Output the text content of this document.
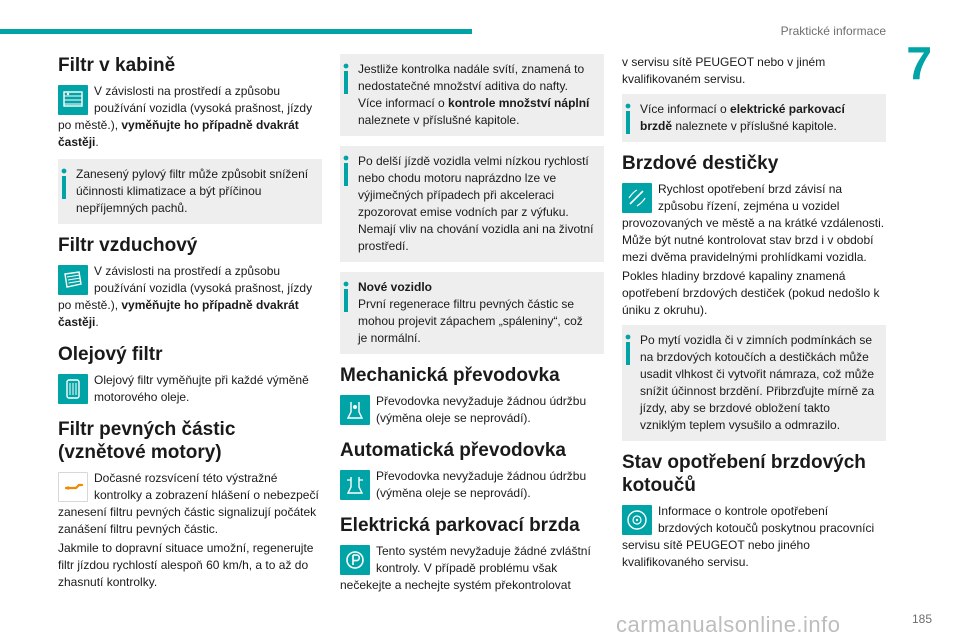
Praktické informace
7
Filtr v kabině

V závislosti na prostředí a způsobu používání vozidla (vysoká prašnost, jízdy po městě.), vyměňujte ho případně dvakrát častěji.

Zanesený pylový filtr může způsobit snížení účinnosti klimatizace a být příčinou nepříjemných pachů.

Filtr vzduchový

V závislosti na prostředí a způsobu používání vozidla (vysoká prašnost, jízdy po městě.), vyměňujte ho případně dvakrát častěji.

Olejový filtr

Olejový filtr vyměňujte při každé výměně motorového oleje.

Filtr pevných částic (vznětové motory)

Dočasné rozsvícení této výstražné kontrolky a zobrazení hlášení o nebezpečí zanesení filtru pevných částic signalizují počátek zanášení filtru pevných částic.

Jakmile to dopravní situace umožní, regenerujte filtr jízdou rychlostí alespoň 60 km/h, a to až do zhasnutí kontrolky.

Jestliže kontrolka nadále svítí, znamená to nedostatečné množství aditiva do nafty.

Více informací o kontrole množství náplní naleznete v příslušné kapitole.

Po delší jízdě vozidla velmi nízkou rychlostí nebo chodu motoru naprázdno lze ve výjimečných případech při akceleraci zpozorovat emise vodních par z výfuku. Nemají vliv na chování vozidla ani na životní prostředí.

Nové vozidlo

První regenerace filtru pevných částic se mohou projevit zápachem „spáleniny“, což je normální.

Mechanická převodovka

Převodovka nevyžaduje žádnou údržbu (výměna oleje se neprovádí).

Automatická převodovka

Převodovka nevyžaduje žádnou údržbu (výměna oleje se neprovádí).

Elektrická parkovací brzda

Tento systém nevyžaduje žádné zvláštní kontroly. V případě problému však nečekejte a nechejte systém překontrolovat

v servisu sítě PEUGEOT nebo v jiném kvalifikovaném servisu.

Více informací o elektrické parkovací brzdě naleznete v příslušné kapitole.

Brzdové destičky

Rychlost opotřebení brzd závisí na způsobu řízení, zejména u vozidel provozovaných ve městě a na krátké vzdálenosti. Může být nutné kontrolovat stav brzd i v období mezi dvěma pravidelnými prohlídkami vozidla.

Pokles hladiny brzdové kapaliny znamená opotřebení brzdových destiček (pokud nedošlo k úniku z okruhu).

Po mytí vozidla či v zimních podmínkách se na brzdových kotoučích a destičkách může usadit vlhkost či vytvořit námraza, což může snížit účinnost brzdění. Přibrzďujte mírně za jízdy, aby se brzdové obložení takto vzniklým teplem vysušilo a odmrazilo.

Stav opotřebení brzdových kotoučů

Informace o kontrole opotřebení brzdových kotoučů poskytnou pracovníci servisu sítě PEUGEOT nebo jiného kvalifikovaného servisu.

carmanualsonline.info	185
